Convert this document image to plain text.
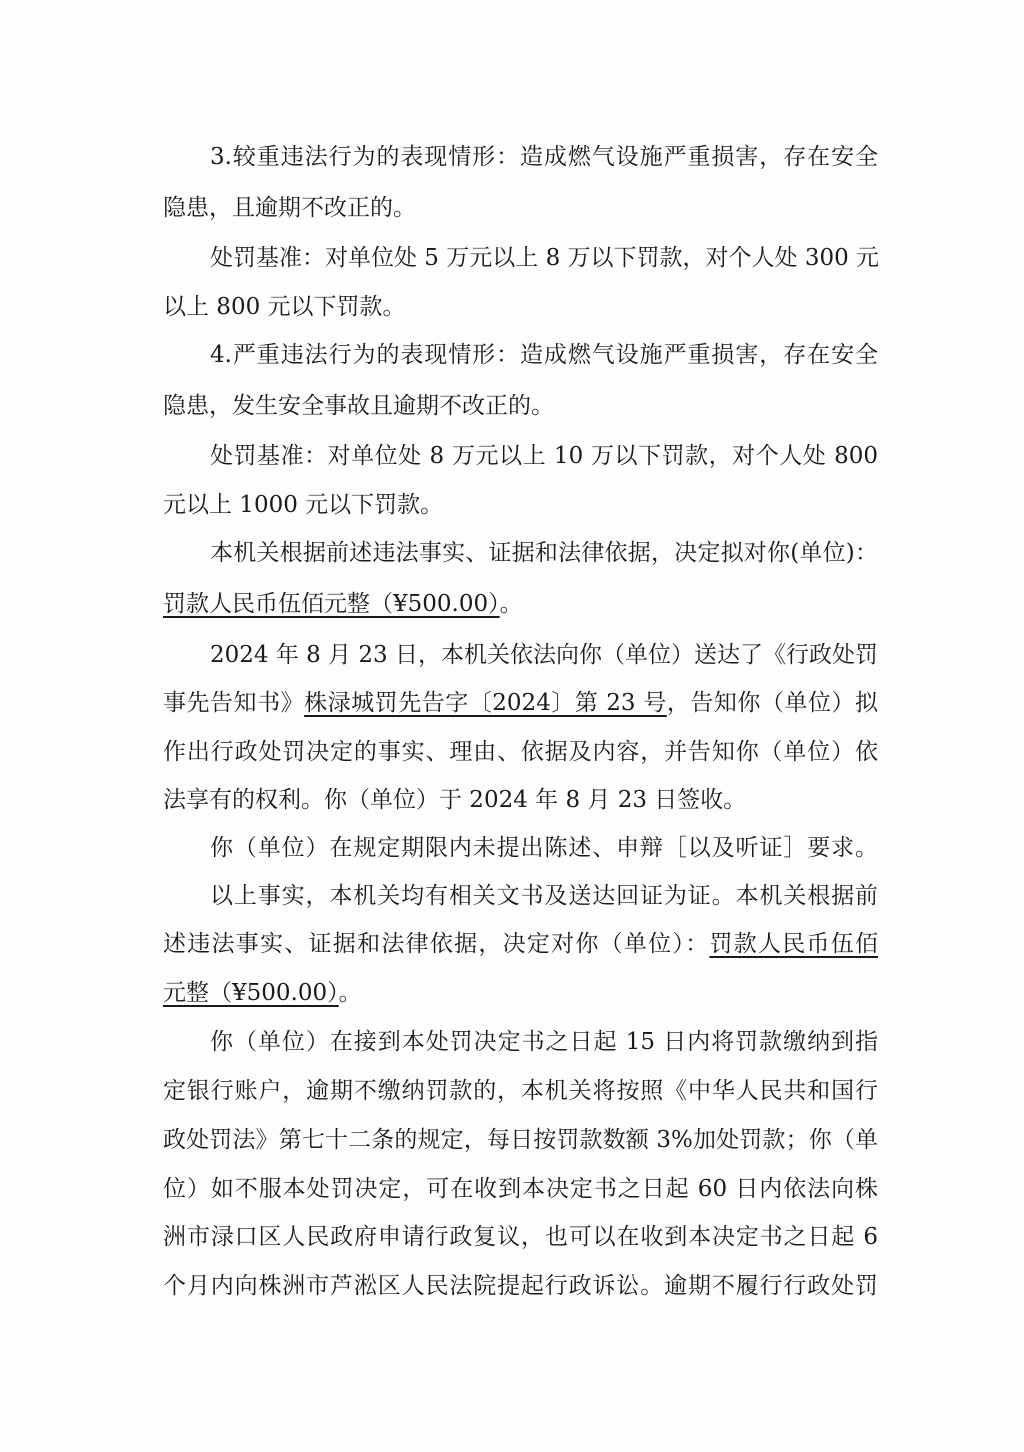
3.较重违法行为的表现情形：造成燃气设施严重损害，存在安全
隐患，且逾期不改正的。
处罚基准：对单位处 5 万元以上 8 万以下罚款，对个人处 300 元
以上 800 元以下罚款。
4.严重违法行为的表现情形：造成燃气设施严重损害，存在安全
隐患，发生安全事故且逾期不改正的。
处罚基准：对单位处 8 万元以上 10 万以下罚款，对个人处 800
元以上 1000 元以下罚款。
本机关根据前述违法事实、证据和法律依据，决定拟对你(单位)：
罚款人民币伍佰元整（¥500.00）。
2024 年 8 月 23 日，本机关依法向你（单位）送达了《行政处罚
事先告知书》株渌城罚先告字〔2024〕第 23 号，告知你（单位）拟
作出行政处罚决定的事实、理由、依据及内容，并告知你（单位）依
法享有的权利。你（单位）于 2024 年 8 月 23 日签收。
你（单位）在规定期限内未提出陈述、申辩［以及听证］要求。
以上事实，本机关均有相关文书及送达回证为证。本机关根据前
述违法事实、证据和法律依据，决定对你（单位）：罚款人民币伍佰
元整（¥500.00）。
你（单位）在接到本处罚决定书之日起 15 日内将罚款缴纳到指
定银行账户，逾期不缴纳罚款的，本机关将按照《中华人民共和国行
政处罚法》第七十二条的规定，每日按罚款数额 3%加处罚款；你（单
位）如不服本处罚决定，可在收到本决定书之日起 60 日内依法向株
洲市渌口区人民政府申请行政复议，也可以在收到本决定书之日起 6
个月内向株洲市芦淞区人民法院提起行政诉讼。逾期不履行行政处罚
